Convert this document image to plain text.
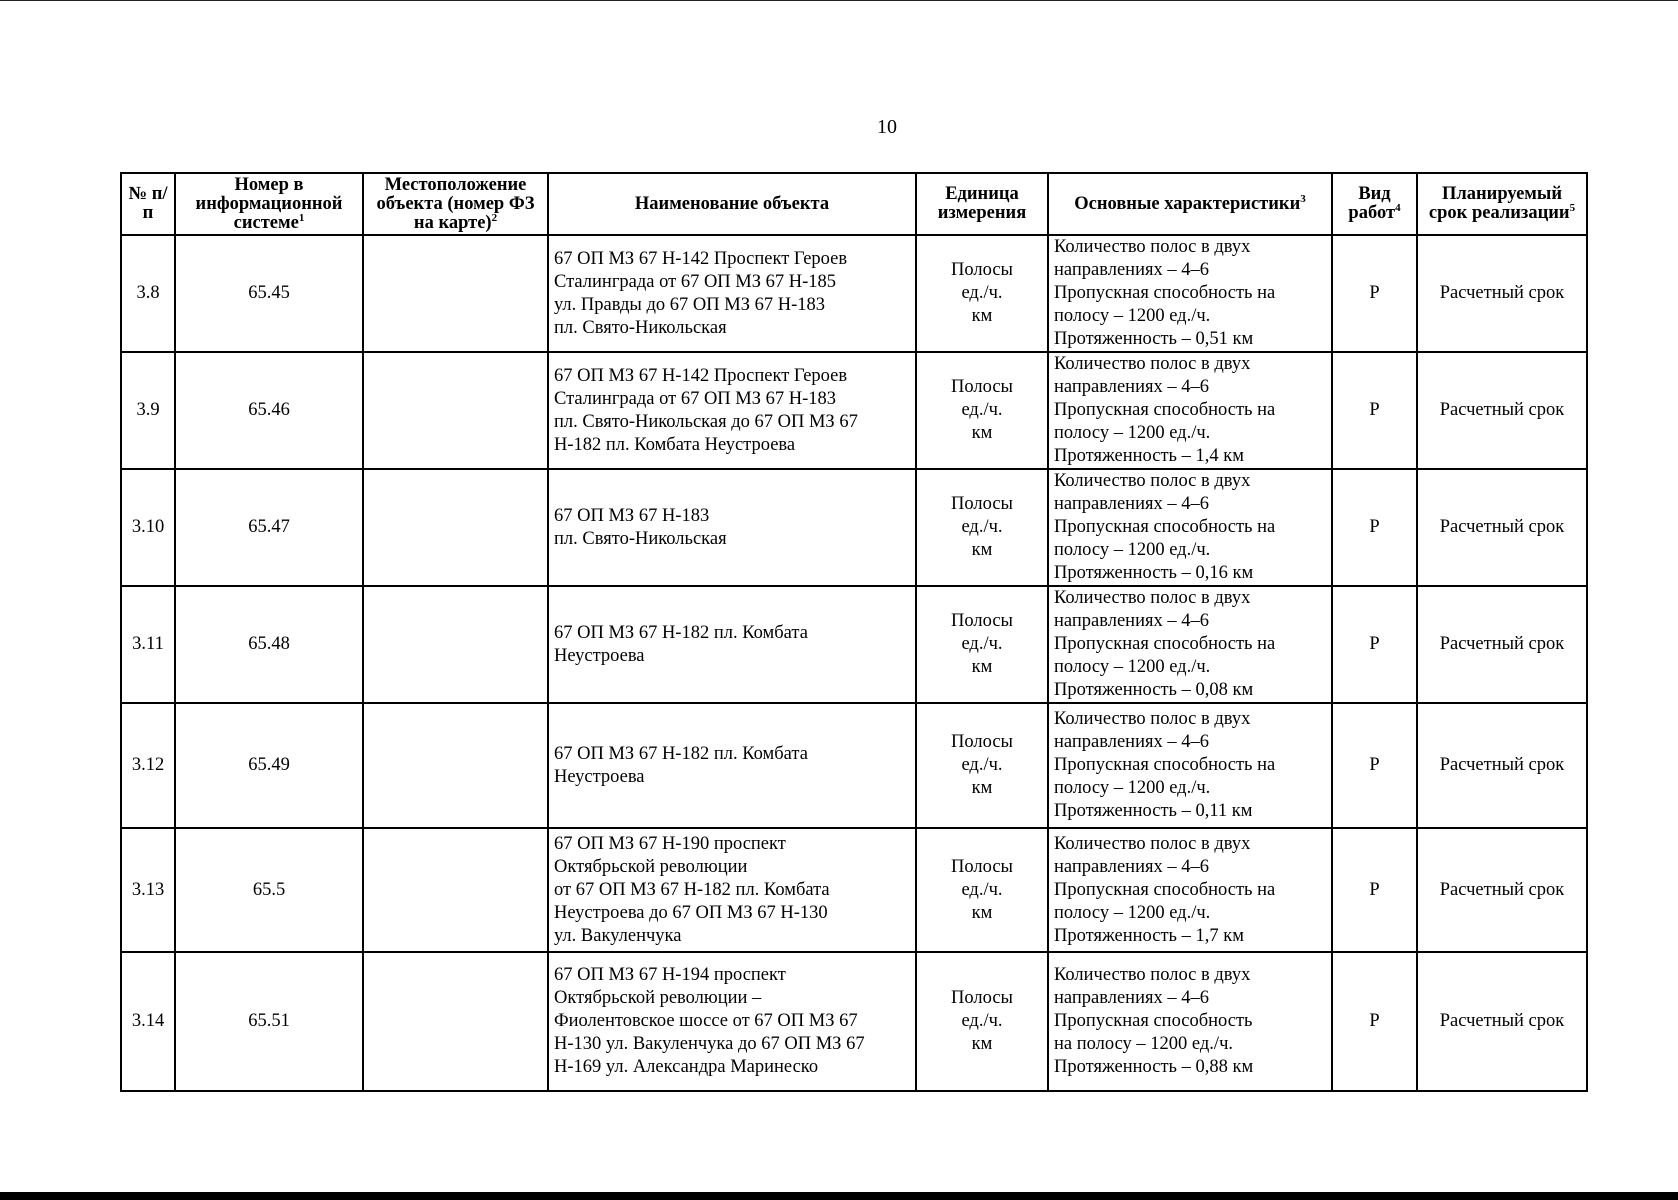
10
№ п/п	Номер в информационной системе$^1$	Местоположение объекта (номер ФЗ на карте)$^2$	Наименование объекта	Единица измерения	Основные характеристики$^3$	Вид работ$^4$	Планируемый срок реализации$^5$
3.8	65.45		67 ОП МЗ 67 Н-142 Проспект Героев
Сталинграда от 67 ОП МЗ 67 Н-185
ул. Правды до 67 ОП МЗ 67 Н-183
пл. Свято-Никольская	Полосы
ед./ч.
км	Количество полос в двух
направлениях – 4–6
Пропускная способность на
полосу – 1200 ед./ч.
Протяженность – 0,51 км	Р	Расчетный срок
3.9	65.46		67 ОП МЗ 67 Н-142 Проспект Героев
Сталинграда от 67 ОП МЗ 67 Н-183
пл. Свято-Никольская до 67 ОП МЗ 67
Н-182 пл. Комбата Неустроева	Полосы
ед./ч.
км	Количество полос в двух
направлениях – 4–6
Пропускная способность на
полосу – 1200 ед./ч.
Протяженность – 1,4 км	Р	Расчетный срок
3.10	65.47		67 ОП МЗ 67 Н-183
пл. Свято-Никольская	Полосы
ед./ч.
км	Количество полос в двух
направлениях – 4–6
Пропускная способность на
полосу – 1200 ед./ч.
Протяженность – 0,16 км	Р	Расчетный срок
3.11	65.48		67 ОП МЗ 67 Н-182 пл. Комбата
Неустроева	Полосы
ед./ч.
км	Количество полос в двух
направлениях – 4–6
Пропускная способность на
полосу – 1200 ед./ч.
Протяженность – 0,08 км	Р	Расчетный срок
3.12	65.49		67 ОП МЗ 67 Н-182 пл. Комбата
Неустроева	Полосы
ед./ч.
км	Количество полос в двух
направлениях – 4–6
Пропускная способность на
полосу – 1200 ед./ч.
Протяженность – 0,11 км	Р	Расчетный срок
3.13	65.5		67 ОП МЗ 67 Н-190 проспект
Октябрьской революции
от 67 ОП МЗ 67 Н-182 пл. Комбата
Неустроева до 67 ОП МЗ 67 Н-130
ул. Вакуленчука	Полосы
ед./ч.
км	Количество полос в двух
направлениях – 4–6
Пропускная способность на
полосу – 1200 ед./ч.
Протяженность – 1,7 км	Р	Расчетный срок
3.14	65.51		67 ОП МЗ 67 Н-194 проспект
Октябрьской революции –
Фиолентовское шоссе от 67 ОП МЗ 67
Н-130 ул. Вакуленчука до 67 ОП МЗ 67
Н-169 ул. Александра Маринеско	Полосы
ед./ч.
км	Количество полос в двух
направлениях – 4–6
Пропускная способность
на полосу – 1200 ед./ч.
Протяженность – 0,88 км	Р	Расчетный срок
